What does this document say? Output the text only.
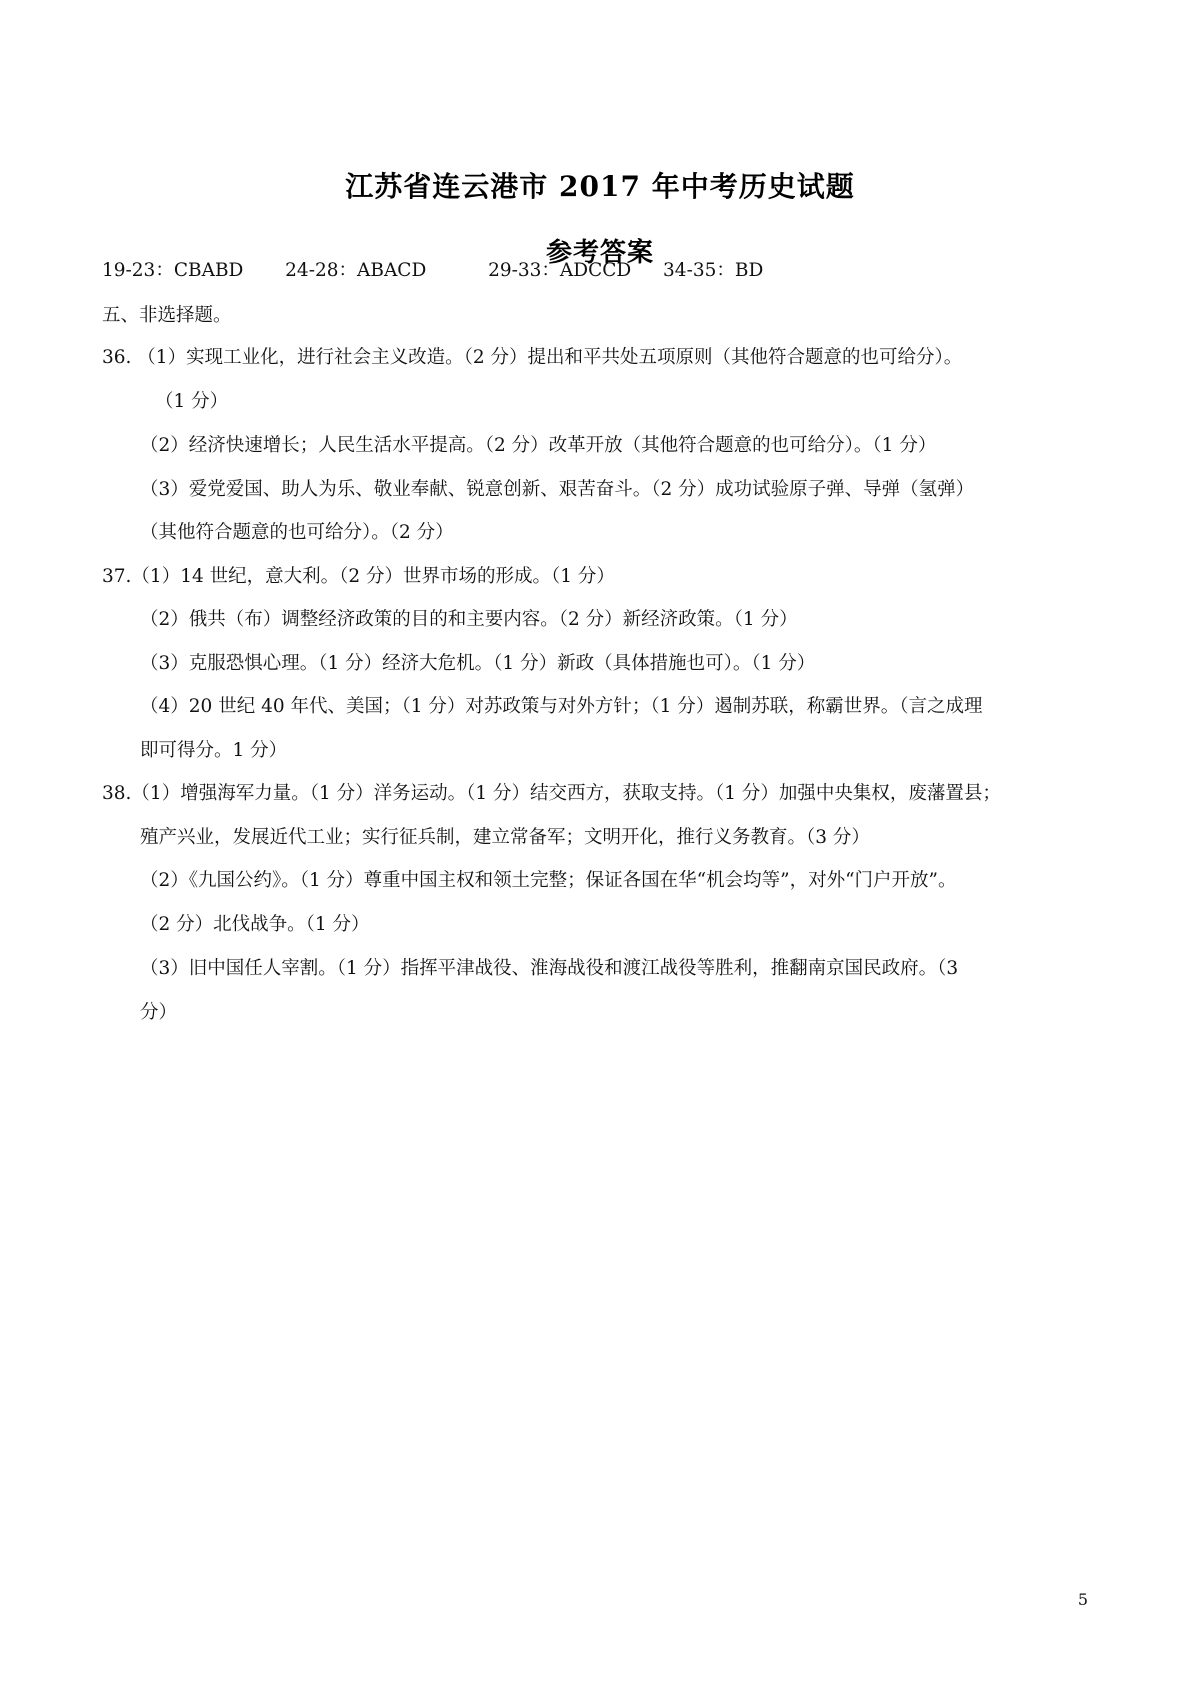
江苏省连云港市 2017 年中考历史试题
参考答案
19-23：CBABD 24-28：ABACD	29-33：ADCCD 34-35：BD
五、非选择题。
36. （1）实现工业化，进行社会主义改造。（2 分）提出和平共处五项原则（其他符合题意的也可给分）。
（1 分）
（2）经济快速增长；人民生活水平提高。（2 分）改革开放（其他符合题意的也可给分）。（1 分）
（3）爱党爱国、助人为乐、敬业奉献、锐意创新、艰苦奋斗。（2 分）成功试验原子弹、导弹（氢弹）
（其他符合题意的也可给分）。（2 分）
37.（1）14 世纪，意大利。（2 分）世界市场的形成。（1 分）
（2）俄共（布）调整经济政策的目的和主要内容。（2 分）新经济政策。（1 分）
（3）克服恐惧心理。（1 分）经济大危机。（1 分）新政（具体措施也可）。（1 分）
（4）20 世纪 40 年代、美国；（1 分）对苏政策与对外方针；（1 分）遏制苏联，称霸世界。（言之成理
即可得分。1 分）
38.（1）增强海军力量。（1 分）洋务运动。（1 分）结交西方，获取支持。（1 分）加强中央集权，废藩置县；
殖产兴业，发展近代工业；实行征兵制，建立常备军；文明开化，推行义务教育。（3 分）
（2）《九国公约》。（1 分）尊重中国主权和领土完整；保证各国在华“机会均等”，对外“门户开放”。
（2 分）北伐战争。（1 分）
（3）旧中国任人宰割。（1 分）指挥平津战役、淮海战役和渡江战役等胜利，推翻南京国民政府。（3
分）
5
